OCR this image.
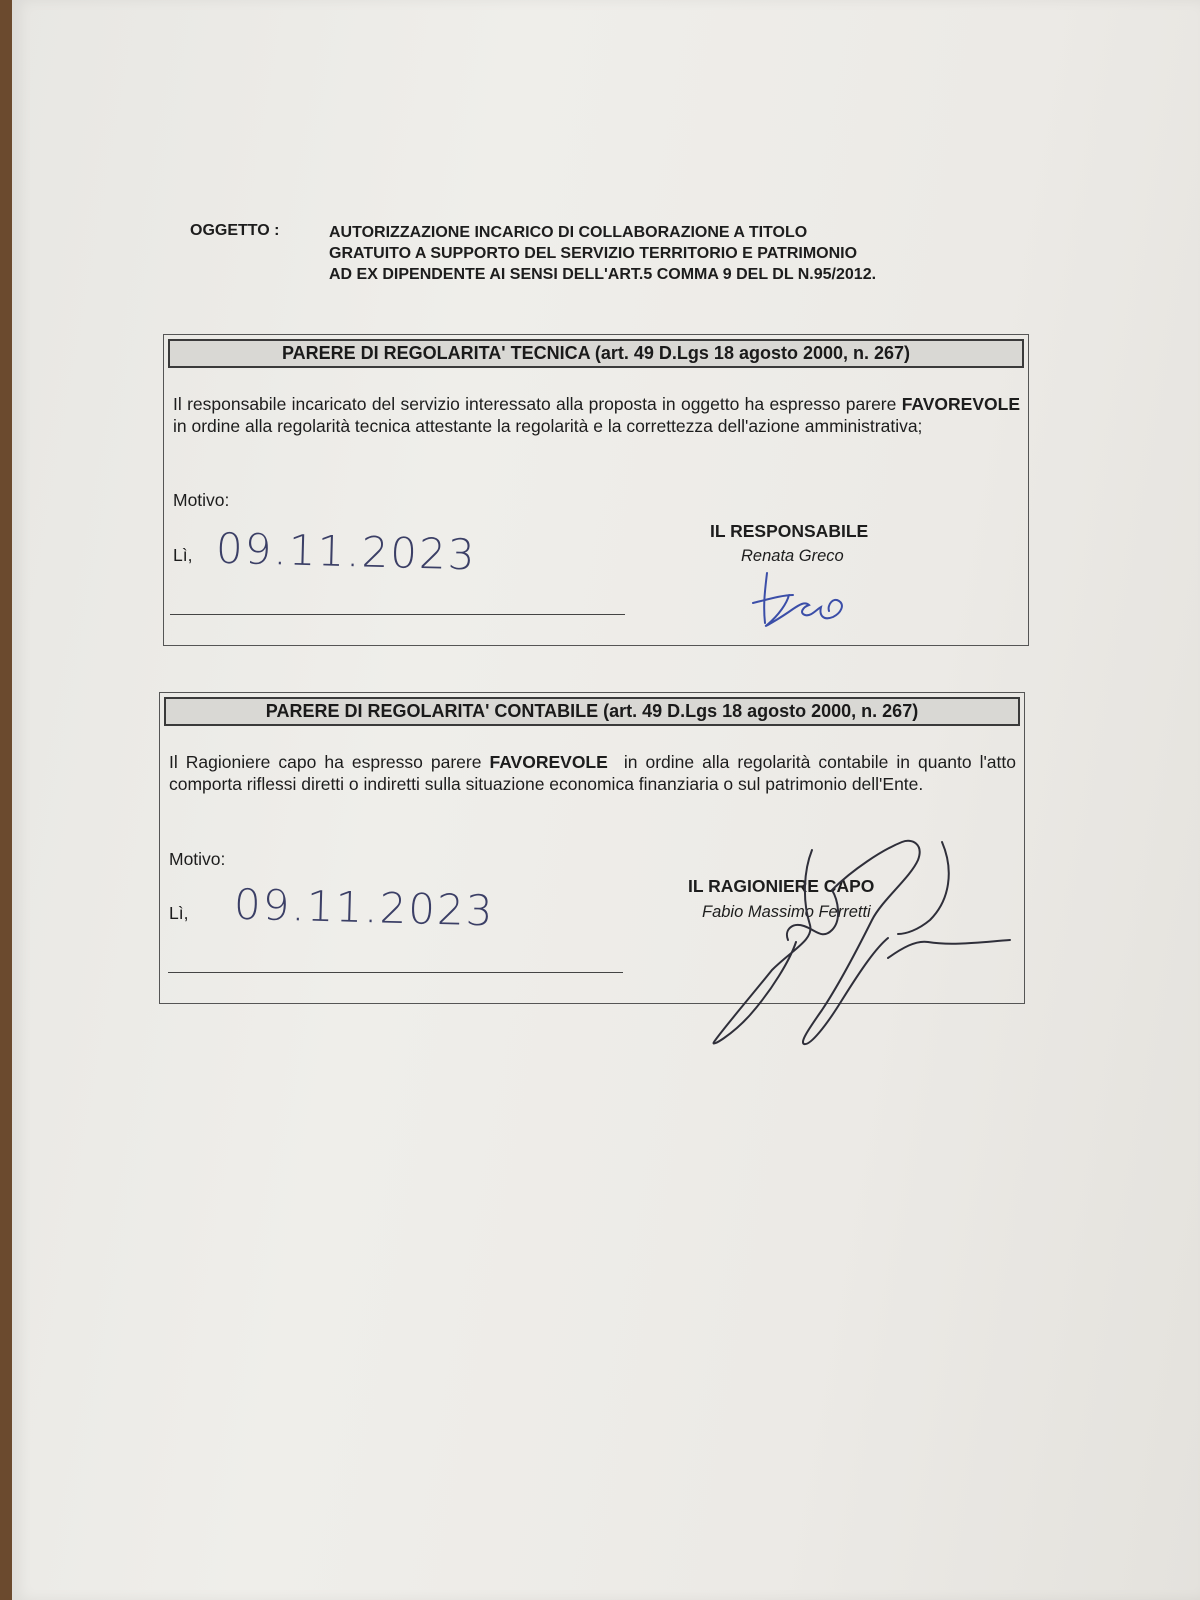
OGGETTO :	AUTORIZZAZIONE INCARICO DI COLLABORAZIONE A TITOLO
GRATUITO A SUPPORTO DEL SERVIZIO TERRITORIO E PATRIMONIO
AD EX DIPENDENTE AI SENSI DELL'ART.5 COMMA 9 DEL DL N.95/2012.
PARERE DI REGOLARITA' TECNICA (art. 49 D.Lgs 18 agosto 2000, n. 267)
Il responsabile incaricato del servizio interessato alla proposta in oggetto ha espresso parere FAVOREVOLE in ordine alla regolarità tecnica attestante la regolarità e la correttezza dell'azione amministrativa;
Motivo:
Lì, 09.11.2023	IL RESPONSABILE
Renata Greco
PARERE DI REGOLARITA' CONTABILE (art. 49 D.Lgs 18 agosto 2000, n. 267)
Il Ragioniere capo ha espresso parere FAVOREVOLE  in ordine alla regolarità contabile in quanto l'atto comporta riflessi diretti o indiretti sulla situazione economica finanziaria o sul patrimonio dell'Ente.
Motivo:
Lì, 09.11.2023	IL RAGIONIERE CAPO
Fabio Massimo Ferretti
